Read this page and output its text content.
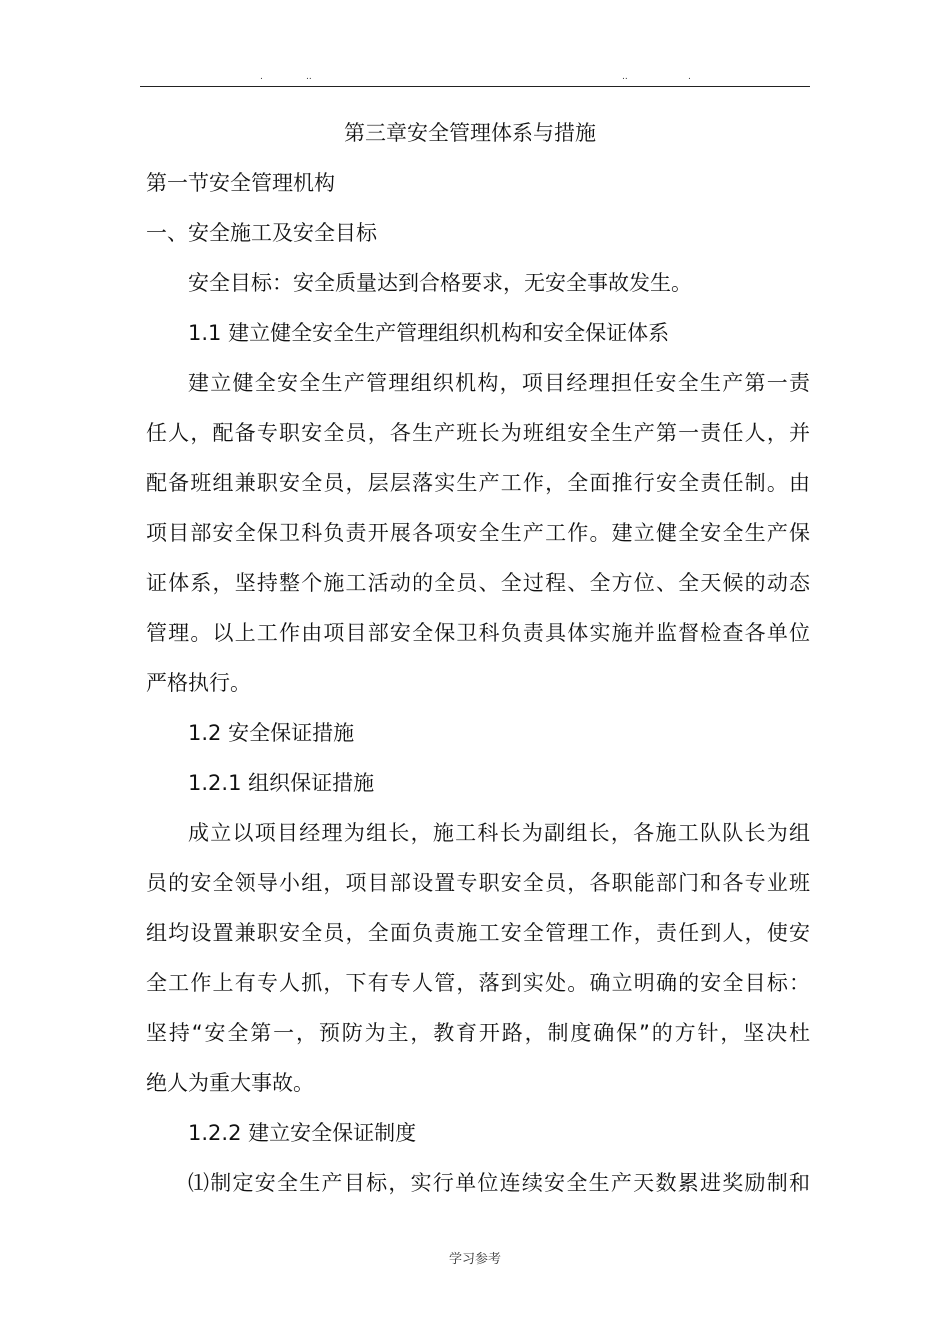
.	..	..	.
第三章安全管理体系与措施
第一节安全管理机构
一、安全施工及安全目标
安全目标：安全质量达到合格要求，无安全事故发生。
1.1 建立健全安全生产管理组织机构和安全保证体系
建立健全安全生产管理组织机构，项目经理担任安全生产第一责
任人，配备专职安全员，各生产班长为班组安全生产第一责任人，并
配备班组兼职安全员，层层落实生产工作，全面推行安全责任制。由
项目部安全保卫科负责开展各项安全生产工作。建立健全安全生产保
证体系，坚持整个施工活动的全员、全过程、全方位、全天候的动态
管理。以上工作由项目部安全保卫科负责具体实施并监督检查各单位
严格执行。
1.2 安全保证措施
1.2.1 组织保证措施
成立以项目经理为组长，施工科长为副组长，各施工队队长为组
员的安全领导小组，项目部设置专职安全员，各职能部门和各专业班
组均设置兼职安全员，全面负责施工安全管理工作，责任到人，使安
全工作上有专人抓，下有专人管，落到实处。确立明确的安全目标：
坚持“安全第一，预防为主，教育开路，制度确保”的方针，坚决杜
绝人为重大事故。
1.2.2 建立安全保证制度
⑴制定安全生产目标，实行单位连续安全生产天数累进奖励制和
学习参考
